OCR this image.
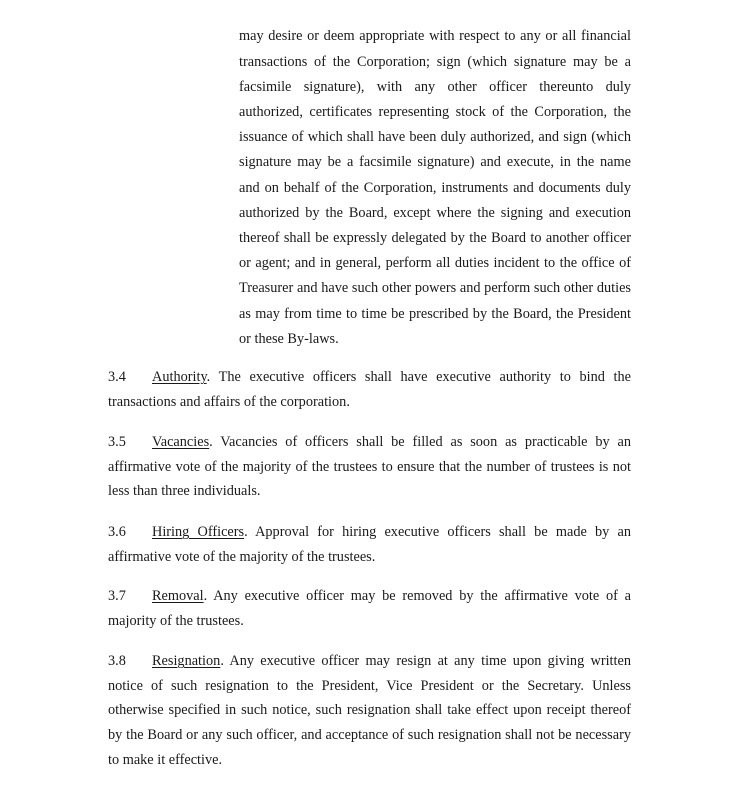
may desire or deem appropriate with respect to any or all financial transactions of the Corporation; sign (which signature may be a facsimile signature), with any other officer thereunto duly authorized, certificates representing stock of the Corporation, the issuance of which shall have been duly authorized, and sign (which signature may be a facsimile signature) and execute, in the name and on behalf of the Corporation, instruments and documents duly authorized by the Board, except where the signing and execution thereof shall be expressly delegated by the Board to another officer or agent; and in general, perform all duties incident to the office of Treasurer and have such other powers and perform such other duties as may from time to time be prescribed by the Board, the President or these By-laws.

3.4 Authority. The executive officers shall have executive authority to bind the transactions and affairs of the corporation.

3.5 Vacancies. Vacancies of officers shall be filled as soon as practicable by an affirmative vote of the majority of the trustees to ensure that the number of trustees is not less than three individuals.

3.6 Hiring Officers. Approval for hiring executive officers shall be made by an affirmative vote of the majority of the trustees.

3.7 Removal. Any executive officer may be removed by the affirmative vote of a majority of the trustees.

3.8 Resignation. Any executive officer may resign at any time upon giving written notice of such resignation to the President, Vice President or the Secretary. Unless otherwise specified in such notice, such resignation shall take effect upon receipt thereof by the Board or any such officer, and acceptance of such resignation shall not be necessary to make it effective.
